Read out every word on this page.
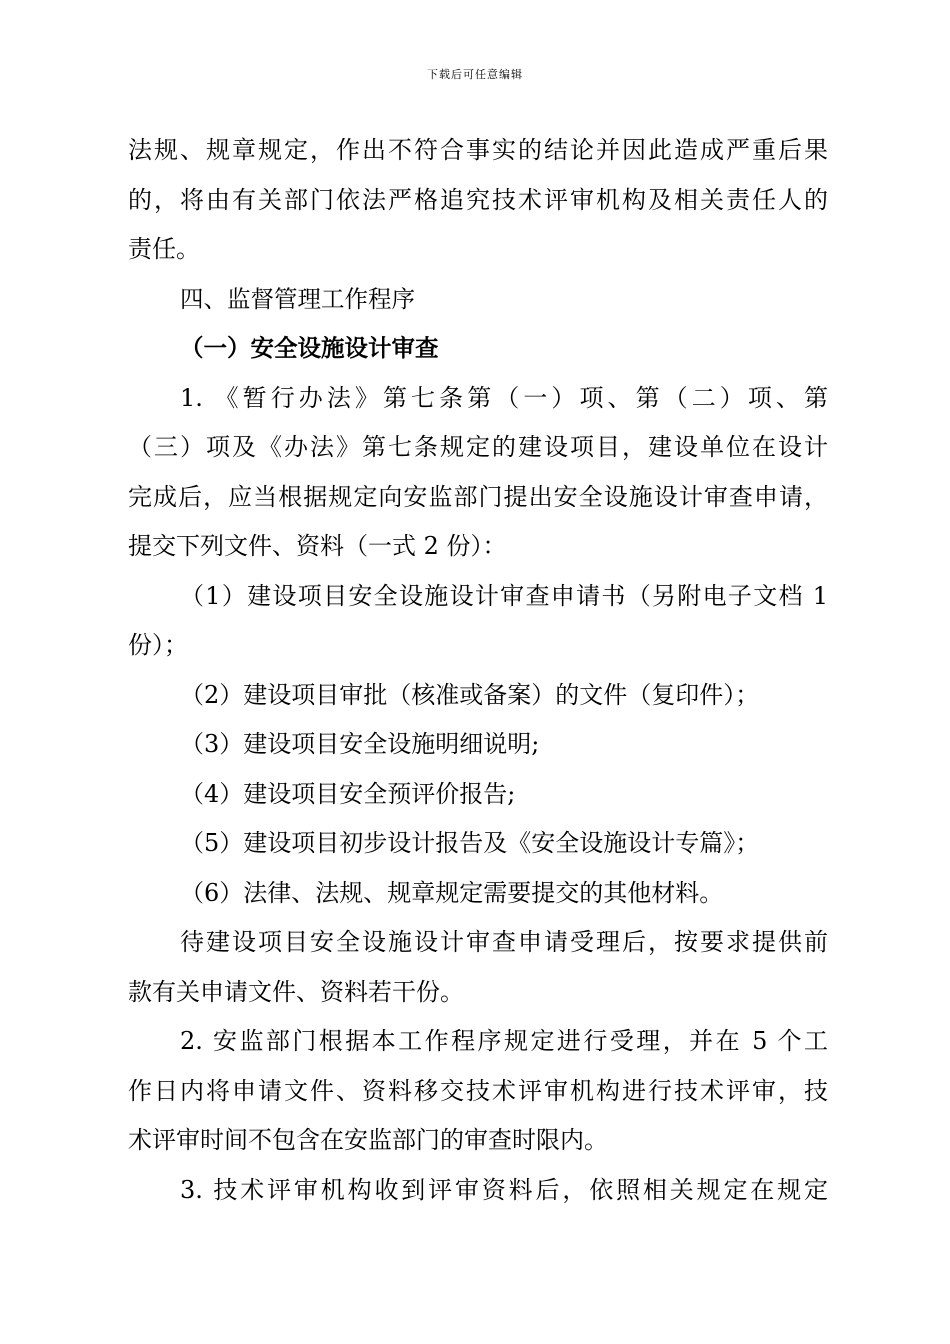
下载后可任意编辑
法规、规章规定，作出不符合事实的结论并因此造成严重后果
的，将由有关部门依法严格追究技术评审机构及相关责任人的
责任。
四、监督管理工作程序
（一）安全设施设计审查
1. 《暂行办法》第七条第（一）项、第（二）项、第
（三）项及《办法》第七条规定的建设项目，建设单位在设计
完成后，应当根据规定向安监部门提出安全设施设计审查申请，
提交下列文件、资料（一式 2 份）：
（1）建设项目安全设施设计审查申请书（另附电子文档 1
份）；
（2）建设项目审批（核准或备案）的文件（复印件）；
（3）建设项目安全设施明细说明;
（4）建设项目安全预评价报告;
（5）建设项目初步设计报告及《安全设施设计专篇》；
（6）法律、法规、规章规定需要提交的其他材料。
待建设项目安全设施设计审查申请受理后，按要求提供前
款有关申请文件、资料若干份。
2. 安监部门根据本工作程序规定进行受理，并在 5 个工
作日内将申请文件、资料移交技术评审机构进行技术评审，技
术评审时间不包含在安监部门的审查时限内。
3. 技术评审机构收到评审资料后，依照相关规定在规定
